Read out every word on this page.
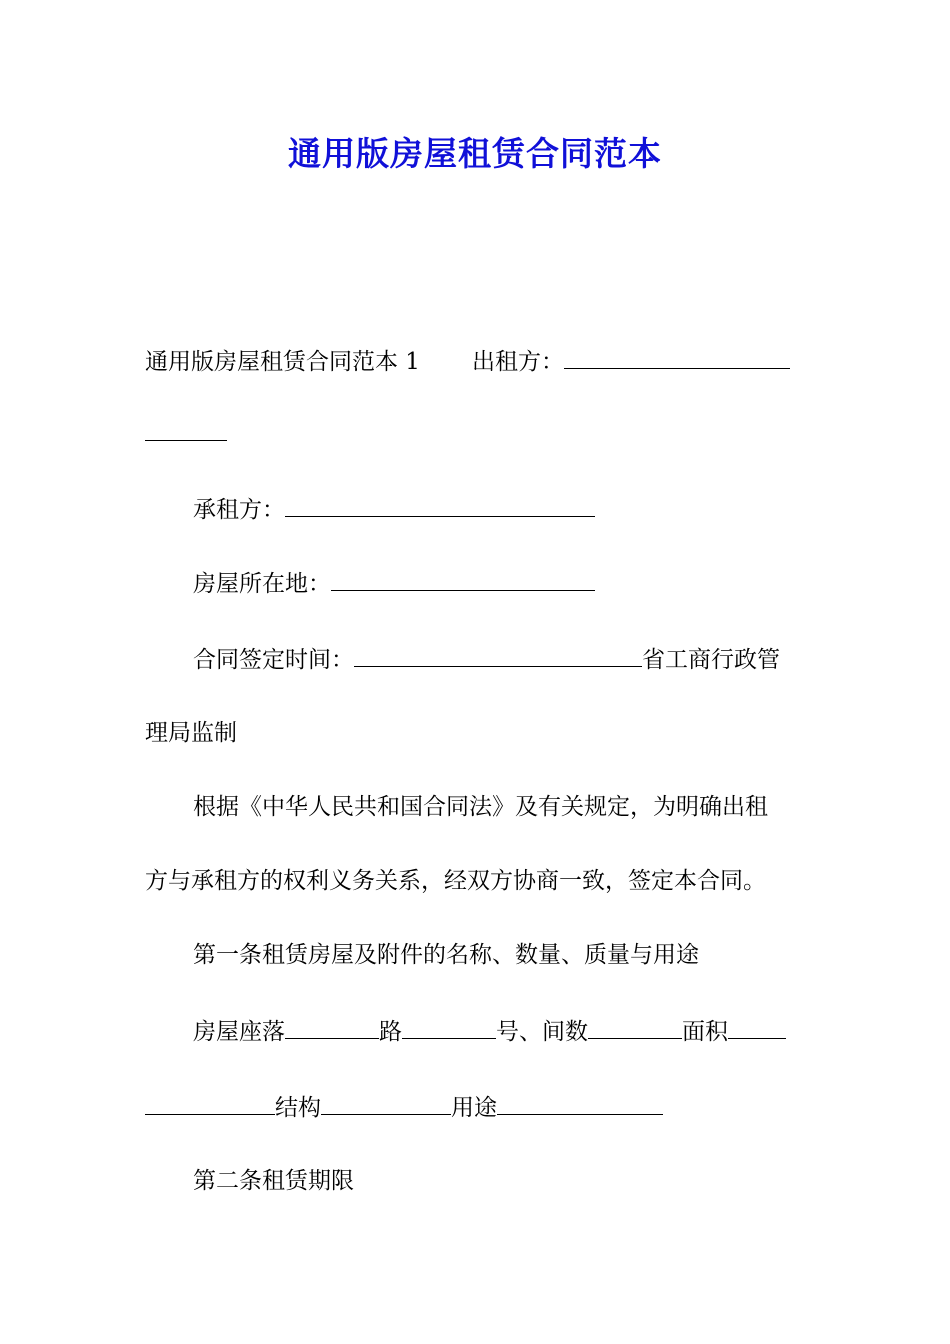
通用版房屋租赁合同范本
通用版房屋租赁合同范本 1 出租方：
承租方：
房屋所在地：
合同签定时间：	省工商行政管
理局监制
根据《中华人民共和国合同法》及有关规定，为明确出租
方与承租方的权利义务关系，经双方协商一致，签定本合同。
第一条租赁房屋及附件的名称、数量、质量与用途
房屋座落	路	号、间数	面积
结构	用途
第二条租赁期限
